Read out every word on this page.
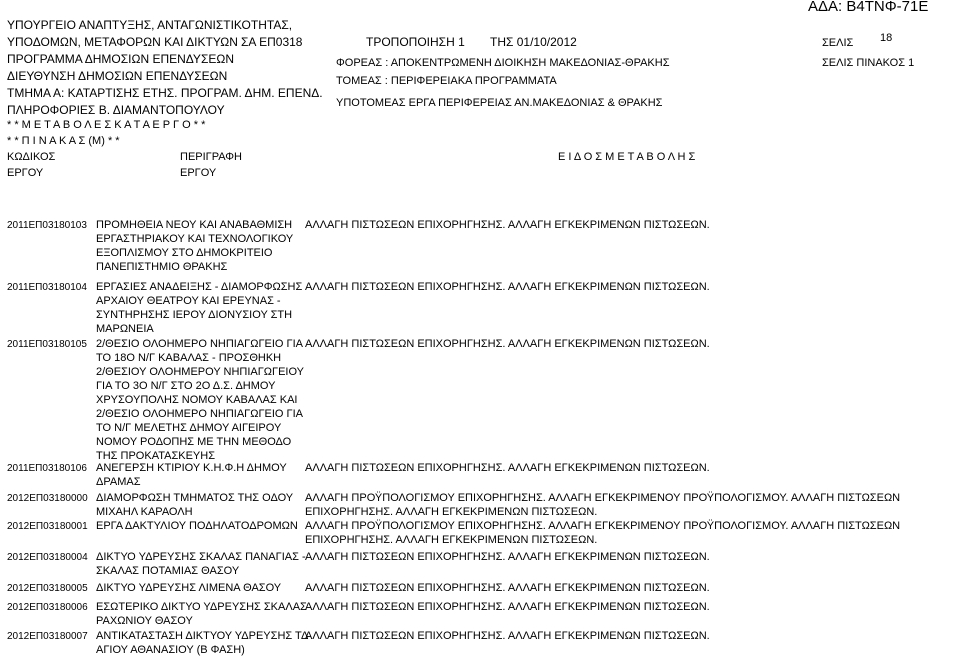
ΑΔΑ: Β4ΤΝΦ-71Ε
ΥΠΟΥΡΓΕΙΟ ΑΝΑΠΤΥΞΗΣ, ΑΝΤΑΓΩΝΙΣΤΙΚΟΤΗΤΑΣ,
ΥΠΟΔΟΜΩΝ, ΜΕΤΑΦΟΡΩΝ ΚΑΙ ΔΙΚΤΥΩΝ
ΠΡΟΓΡΑΜΜΑ ΔΗΜΟΣΙΩΝ ΕΠΕΝΔΥΣΕΩΝ
ΔΙΕΥΘΥΝΣΗ ΔΗΜΟΣΙΩΝ ΕΠΕΝΔΥΣΕΩΝ
ΤΜΗΜΑ Α: ΚΑΤΑΡΤΙΣΗΣ ΕΤΗΣ. ΠΡΟΓΡΑΜ. ΔΗΜ. ΕΠΕΝΔ.
ΠΛΗΡΟΦΟΡΙΕΣ Β. ΔΙΑΜΑΝΤΟΠΟΥΛΟΥ
ΣΑ ΕΠ0318	ΤΡΟΠΟΠΟΙΗΣΗ 1 ΤΗΣ 01/10/2012
ΦΟΡΕΑΣ : ΑΠΟΚΕΝΤΡΩΜΕΝΗ ΔΙΟΙΚΗΣΗ ΜΑΚΕΔΟΝΙΑΣ-ΘΡΑΚΗΣ
ΤΟΜΕΑΣ : ΠΕΡΙΦΕΡΕΙΑΚΑ ΠΡΟΓΡΑΜΜΑΤΑ
ΥΠΟΤΟΜΕΑΣ ΕΡΓΑ ΠΕΡΙΦΕΡΕΙΑΣ ΑΝ.ΜΑΚΕΔΟΝΙΑΣ & ΘΡΑΚΗΣ
ΣΕΛΙΣ 18
ΣΕΛΙΣ ΠΙΝΑΚΟΣ 1
* * Μ Ε Τ Α Β Ο Λ Ε Σ Κ Α Τ Α Ε Ρ Γ Ο * *
* * Π Ι Ν Α Κ Α Σ (Μ) * *
ΚΩΔΙΚΟΣ
ΕΡΓΟΥ
ΠΕΡΙΓΡΑΦΗ
ΕΡΓΟΥ
Ε Ι Δ Ο Σ Μ Ε Τ Α Β Ο Λ Η Σ
2011ΕΠ03180103 ΠΡΟΜΗΘΕΙΑ ΝΕΟΥ ΚΑΙ ΑΝΑΒΑΘΜΙΣΗ
ΕΡΓΑΣΤΗΡΙΑΚΟΥ ΚΑΙ ΤΕΧΝΟΛΟΓΙΚΟΥ
ΕΞΟΠΛΙΣΜΟΥ ΣΤΟ ΔΗΜΟΚΡΙΤΕΙΟ
ΠΑΝΕΠΙΣΤΗΜΙΟ ΘΡΑΚΗΣ
ΑΛΛΑΓΗ ΠΙΣΤΩΣΕΩΝ ΕΠΙΧΟΡΗΓΗΣΗΣ. ΑΛΛΑΓΗ ΕΓΚΕΚΡΙΜΕΝΩΝ ΠΙΣΤΩΣΕΩΝ.
2011ΕΠ03180104 ΕΡΓΑΣΙΕΣ ΑΝΑΔΕΙΞΗΣ - ΔΙΑΜΟΡΦΩΣΗΣ
ΑΡΧΑΙΟΥ ΘΕΑΤΡΟΥ ΚΑΙ ΕΡΕΥΝΑΣ -
ΣΥΝΤΗΡΗΣΗΣ ΙΕΡΟΥ ΔΙΟΝΥΣΙΟΥ ΣΤΗ
ΜΑΡΩΝΕΙΑ
ΑΛΛΑΓΗ ΠΙΣΤΩΣΕΩΝ ΕΠΙΧΟΡΗΓΗΣΗΣ. ΑΛΛΑΓΗ ΕΓΚΕΚΡΙΜΕΝΩΝ ΠΙΣΤΩΣΕΩΝ.
2011ΕΠ03180105 2/ΘΕΣΙΟ ΟΛΟΗΜΕΡΟ ΝΗΠΙΑΓΩΓΕΙΟ ΓΙΑ
ΤΟ 18Ο Ν/Γ ΚΑΒΑΛΑΣ - ΠΡΟΣΘΗΚΗ
2/ΘΕΣΙΟΥ ΟΛΟΗΜΕΡΟΥ ΝΗΠΙΑΓΩΓΕΙΟΥ
ΓΙΑ ΤΟ 3Ο Ν/Γ ΣΤΟ 2Ο Δ.Σ. ΔΗΜΟΥ
ΧΡΥΣΟΥΠΟΛΗΣ ΝΟΜΟΥ ΚΑΒΑΛΑΣ ΚΑΙ
2/ΘΕΣΙΟ ΟΛΟΗΜΕΡΟ ΝΗΠΙΑΓΩΓΕΙΟ ΓΙΑ
ΤΟ Ν/Γ ΜΕΛΕΤΗΣ ΔΗΜΟΥ ΑΙΓΕΙΡΟΥ
ΝΟΜΟΥ ΡΟΔΟΠΗΣ ΜΕ ΤΗΝ ΜΕΘΟΔΟ
ΤΗΣ ΠΡΟΚΑΤΑΣΚΕΥΗΣ
ΑΛΛΑΓΗ ΠΙΣΤΩΣΕΩΝ ΕΠΙΧΟΡΗΓΗΣΗΣ. ΑΛΛΑΓΗ ΕΓΚΕΚΡΙΜΕΝΩΝ ΠΙΣΤΩΣΕΩΝ.
2011ΕΠ03180106 ΑΝΕΓΕΡΣΗ ΚΤΙΡΙΟΥ Κ.Η.Φ.Η ΔΗΜΟΥ
ΔΡΑΜΑΣ
ΑΛΛΑΓΗ ΠΙΣΤΩΣΕΩΝ ΕΠΙΧΟΡΗΓΗΣΗΣ. ΑΛΛΑΓΗ ΕΓΚΕΚΡΙΜΕΝΩΝ ΠΙΣΤΩΣΕΩΝ.
2012ΕΠ03180000 ΔΙΑΜΟΡΦΩΣΗ ΤΜΗΜΑΤΟΣ ΤΗΣ ΟΔΟΥ
ΜΙΧΑΗΛ ΚΑΡΑΟΛΗ
ΑΛΛΑΓΗ ΠΡΟΫΠΟΛΟΓΙΣΜΟΥ ΕΠΙΧΟΡΗΓΗΣΗΣ. ΑΛΛΑΓΗ ΕΓΚΕΚΡΙΜΕΝΟΥ ΠΡΟΫΠΟΛΟΓΙΣΜΟΥ. ΑΛΛΑΓΗ ΠΙΣΤΩΣΕΩΝ
ΕΠΙΧΟΡΗΓΗΣΗΣ. ΑΛΛΑΓΗ ΕΓΚΕΚΡΙΜΕΝΩΝ ΠΙΣΤΩΣΕΩΝ.
2012ΕΠ03180001 ΕΡΓΑ ΔΑΚΤΥΛΙΟΥ ΠΟΔΗΛΑΤΟΔΡΟΜΩΝ ΑΛΛΑΓΗ ΠΡΟΫΠΟΛΟΓΙΣΜΟΥ ΕΠΙΧΟΡΗΓΗΣΗΣ. ΑΛΛΑΓΗ ΕΓΚΕΚΡΙΜΕΝΟΥ ΠΡΟΫΠΟΛΟΓΙΣΜΟΥ. ΑΛΛΑΓΗ ΠΙΣΤΩΣΕΩΝ
ΕΠΙΧΟΡΗΓΗΣΗΣ. ΑΛΛΑΓΗ ΕΓΚΕΚΡΙΜΕΝΩΝ ΠΙΣΤΩΣΕΩΝ.
2012ΕΠ03180004 ΔΙΚΤΥΟ ΥΔΡΕΥΣΗΣ ΣΚΑΛΑΣ ΠΑΝΑΓΙΑΣ -
ΣΚΑΛΑΣ ΠΟΤΑΜΙΑΣ ΘΑΣΟΥ
ΑΛΛΑΓΗ ΠΙΣΤΩΣΕΩΝ ΕΠΙΧΟΡΗΓΗΣΗΣ. ΑΛΛΑΓΗ ΕΓΚΕΚΡΙΜΕΝΩΝ ΠΙΣΤΩΣΕΩΝ.
2012ΕΠ03180005 ΔΙΚΤΥΟ ΥΔΡΕΥΣΗΣ ΛΙΜΕΝΑ ΘΑΣΟΥ	ΑΛΛΑΓΗ ΠΙΣΤΩΣΕΩΝ ΕΠΙΧΟΡΗΓΗΣΗΣ. ΑΛΛΑΓΗ ΕΓΚΕΚΡΙΜΕΝΩΝ ΠΙΣΤΩΣΕΩΝ.
2012ΕΠ03180006 ΕΣΩΤΕΡΙΚΟ ΔΙΚΤΥΟ ΥΔΡΕΥΣΗΣ ΣΚΑΛΑΣ
ΡΑΧΩΝΙΟΥ ΘΑΣΟΥ
ΑΛΛΑΓΗ ΠΙΣΤΩΣΕΩΝ ΕΠΙΧΟΡΗΓΗΣΗΣ. ΑΛΛΑΓΗ ΕΓΚΕΚΡΙΜΕΝΩΝ ΠΙΣΤΩΣΕΩΝ.
2012ΕΠ03180007 ΑΝΤΙΚΑΤΑΣΤΑΣΗ ΔΙΚΤΥΟΥ ΥΔΡΕΥΣΗΣ ΤΔ
ΑΓΙΟΥ ΑΘΑΝΑΣΙΟΥ (Β ΦΑΣΗ)
ΑΛΛΑΓΗ ΠΙΣΤΩΣΕΩΝ ΕΠΙΧΟΡΗΓΗΣΗΣ. ΑΛΛΑΓΗ ΕΓΚΕΚΡΙΜΕΝΩΝ ΠΙΣΤΩΣΕΩΝ.
